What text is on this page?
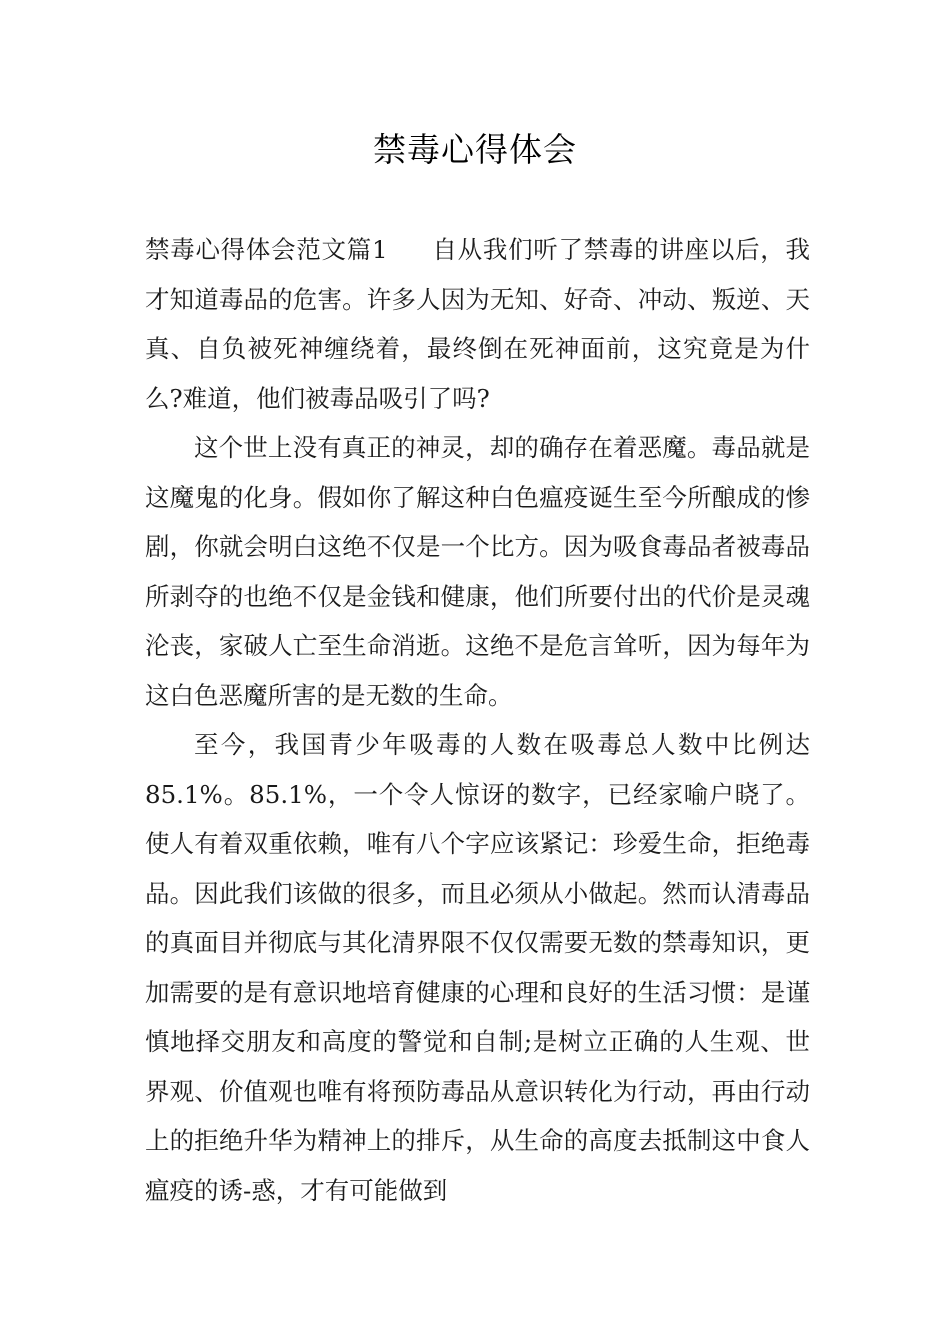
禁毒心得体会

禁毒心得体会范文篇1 自从我们听了禁毒的讲座以后，我才知道毒品的危害。许多人因为无知、好奇、冲动、叛逆、天真、自负被死神缠绕着，最终倒在死神面前，这究竟是为什么?难道，他们被毒品吸引了吗?

这个世上没有真正的神灵，却的确存在着恶魔。毒品就是这魔鬼的化身。假如你了解这种白色瘟疫诞生至今所酿成的惨剧，你就会明白这绝不仅是一个比方。因为吸食毒品者被毒品所剥夺的也绝不仅是金钱和健康，他们所要付出的代价是灵魂沦丧，家破人亡至生命消逝。这绝不是危言耸听，因为每年为这白色恶魔所害的是无数的生命。

至今，我国青少年吸毒的人数在吸毒总人数中比例达85.1%。85.1%，一个令人惊讶的数字，已经家喻户晓了。使人有着双重依赖，唯有八个字应该紧记：珍爱生命，拒绝毒品。因此我们该做的很多，而且必须从小做起。然而认清毒品的真面目并彻底与其化清界限不仅仅需要无数的禁毒知识，更加需要的是有意识地培育健康的心理和良好的生活习惯：是谨慎地择交朋友和高度的警觉和自制;是树立正确的人生观、世界观、价值观也唯有将预防毒品从意识转化为行动，再由行动上的拒绝升华为精神上的排斥，从生命的高度去抵制这中食人瘟疫的诱-惑，才有可能做到
